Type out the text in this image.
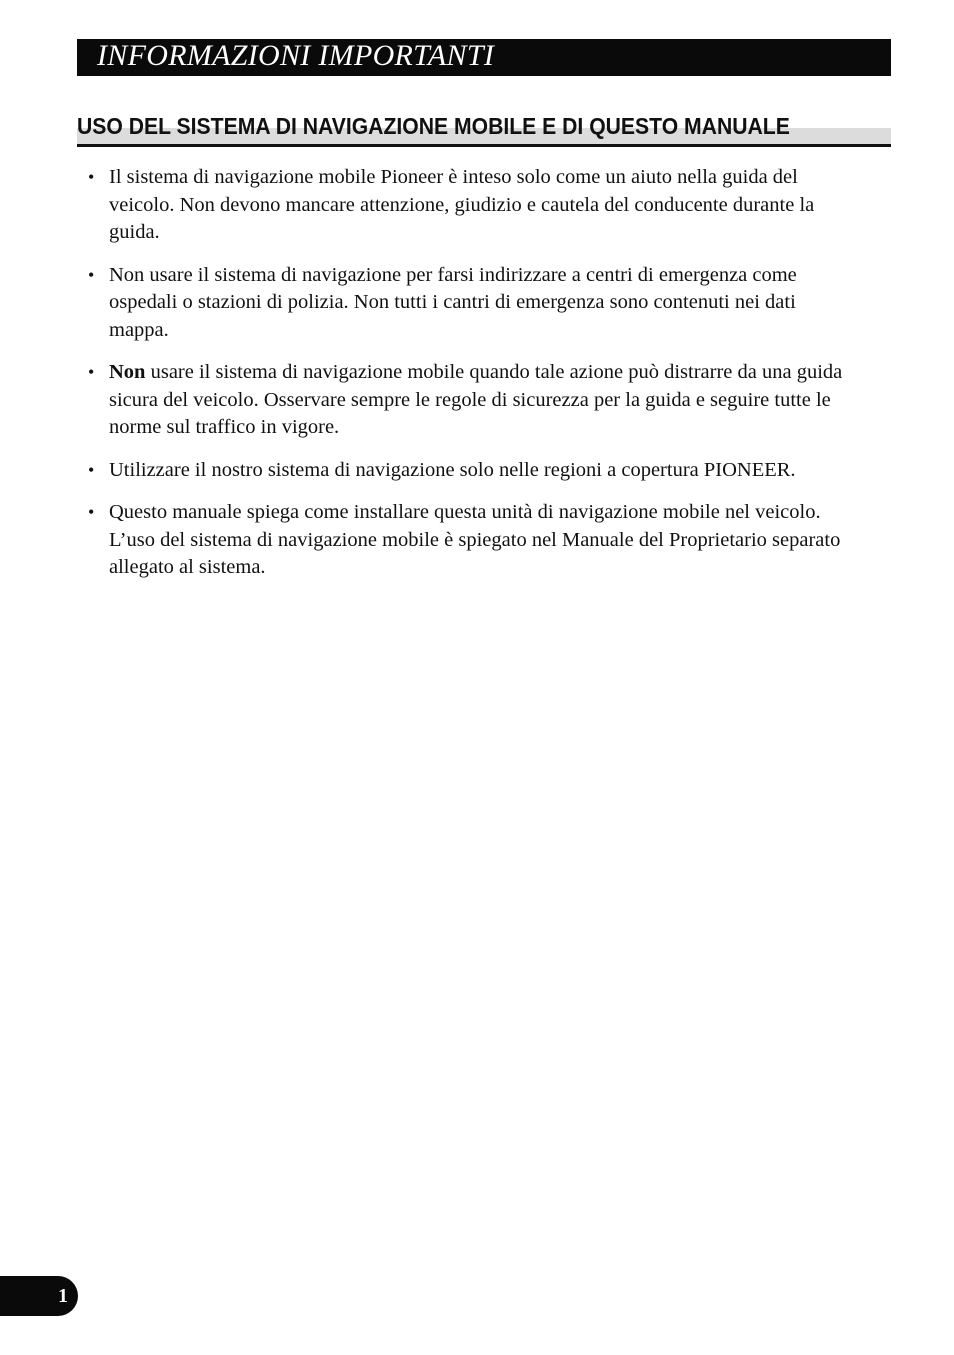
INFORMAZIONI IMPORTANTI
USO DEL SISTEMA DI NAVIGAZIONE MOBILE E DI QUESTO MANUALE
• Il sistema di navigazione mobile Pioneer è inteso solo come un aiuto nella guida del veicolo. Non devono mancare attenzione, giudizio e cautela del conducente durante la guida.
• Non usare il sistema di navigazione per farsi indirizzare a centri di emergenza come ospedali o stazioni di polizia. Non tutti i cantri di emergenza sono contenuti nei dati mappa.
• Non usare il sistema di navigazione mobile quando tale azione può distrarre da una guida sicura del veicolo. Osservare sempre le regole di sicurezza per la guida e seguire tutte le norme sul traffico in vigore.
• Utilizzare il nostro sistema di navigazione solo nelle regioni a copertura PIONEER.
• Questo manuale spiega come installare questa unità di navigazione mobile nel veicolo. L’uso del sistema di navigazione mobile è spiegato nel Manuale del Proprietario separato allegato al sistema.
1
